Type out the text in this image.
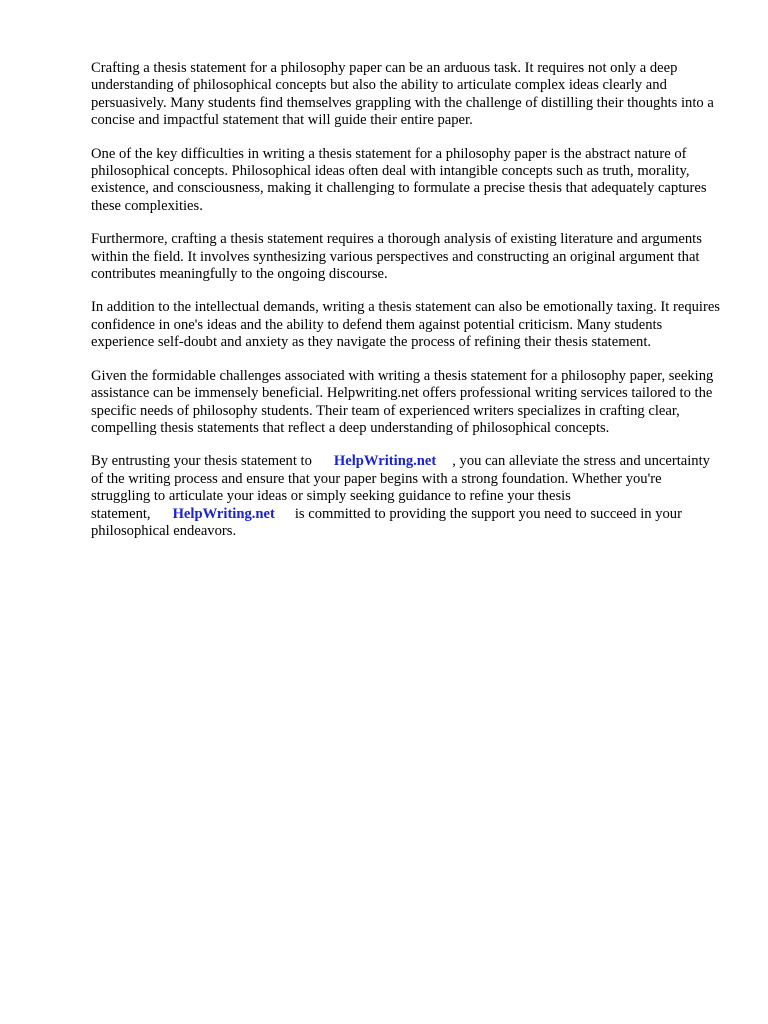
Crafting a thesis statement for a philosophy paper can be an arduous task. It requires not only a deep understanding of philosophical concepts but also the ability to articulate complex ideas clearly and persuasively. Many students find themselves grappling with the challenge of distilling their thoughts into a concise and impactful statement that will guide their entire paper.

One of the key difficulties in writing a thesis statement for a philosophy paper is the abstract nature of philosophical concepts. Philosophical ideas often deal with intangible concepts such as truth, morality, existence, and consciousness, making it challenging to formulate a precise thesis that adequately captures these complexities.

Furthermore, crafting a thesis statement requires a thorough analysis of existing literature and arguments within the field. It involves synthesizing various perspectives and constructing an original argument that contributes meaningfully to the ongoing discourse.

In addition to the intellectual demands, writing a thesis statement can also be emotionally taxing. It requires confidence in one's ideas and the ability to defend them against potential criticism. Many students experience self-doubt and anxiety as they navigate the process of refining their thesis statement.

Given the formidable challenges associated with writing a thesis statement for a philosophy paper, seeking assistance can be immensely beneficial. Helpwriting.net offers professional writing services tailored to the specific needs of philosophy students. Their team of experienced writers specializes in crafting clear, compelling thesis statements that reflect a deep understanding of philosophical concepts.

By entrusting your thesis statement to HelpWriting.net , you can alleviate the stress and uncertainty of the writing process and ensure that your paper begins with a strong foundation. Whether you're struggling to articulate your ideas or simply seeking guidance to refine your thesis statement, HelpWriting.net is committed to providing the support you need to succeed in your philosophical endeavors.
